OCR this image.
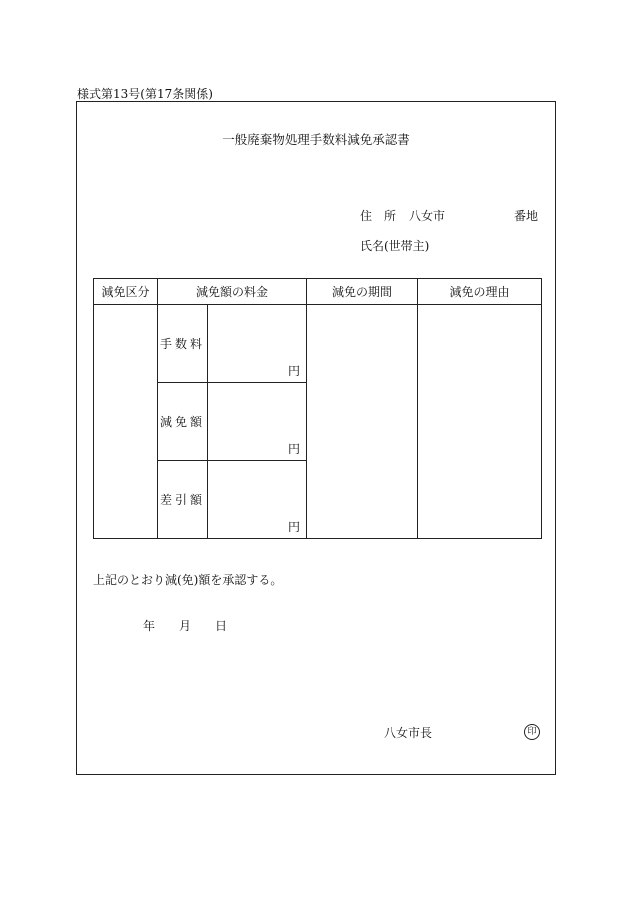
様式第13号(第17条関係)
一般廃棄物処理手数料減免承認書
住　所 八女市	番地
氏名(世帯主)
減免区分	減免額の料金		減免の期間	減免の理由
	手数料	円		

	減免額	円		

	差引額	円		
上記のとおり減(免)額を承認する。
年 月 日
八女市長	印
